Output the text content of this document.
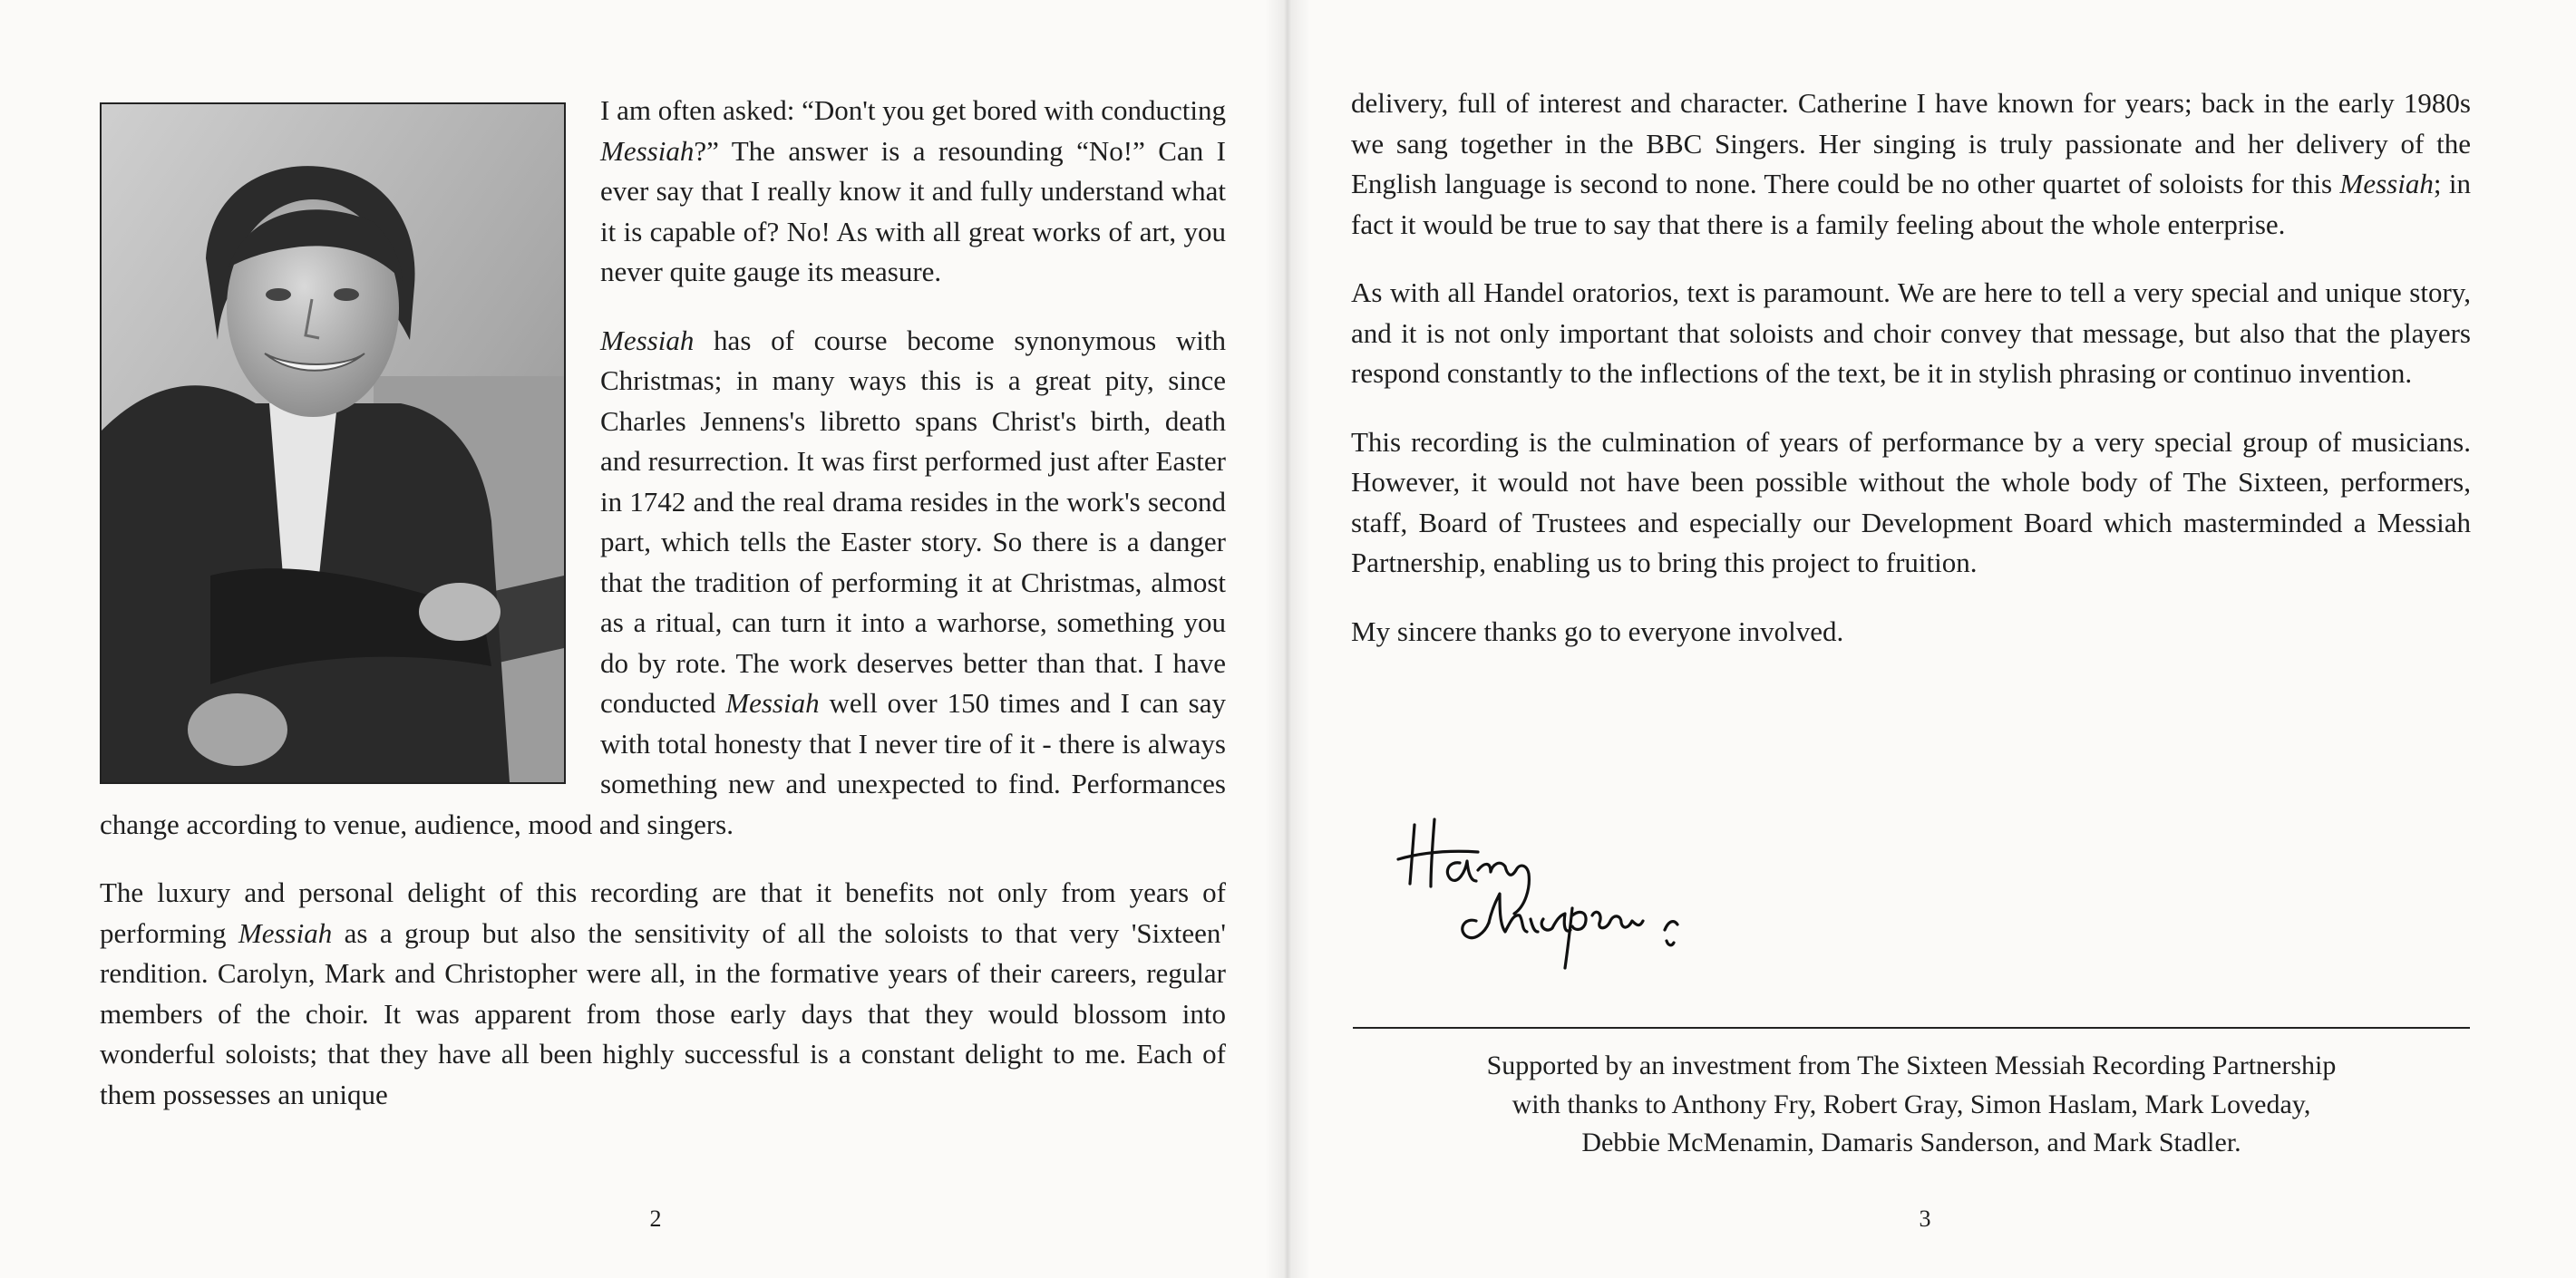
I am often asked: “Don't you get bored with conducting Messiah?” The answer is a resounding “No!” Can I ever say that I really know it and fully understand what it is capable of? No! As with all great works of art, you never quite gauge its measure.

Messiah has of course become synonymous with Christmas; in many ways this is a great pity, since Charles Jennens's libretto spans Christ's birth, death and resurrection. It was first performed just after Easter in 1742 and the real drama resides in the work's second part, which tells the Easter story. So there is a danger that the tradition of performing it at Christmas, almost as a ritual, can turn it into a warhorse, something you do by rote. The work deserves better than that. I have conducted Messiah well over 150 times and I can say with total honesty that I never tire of it - there is always something new and unexpected to find. Performances change according to venue, audience, mood and singers.

The luxury and personal delight of this recording are that it benefits not only from years of performing Messiah as a group but also the sensitivity of all the soloists to that very 'Sixteen' rendition. Carolyn, Mark and Christopher were all, in the formative years of their careers, regular members of the choir. It was apparent from those early days that they would blossom into wonderful soloists; that they have all been highly successful is a constant delight to me. Each of them possesses an unique

2

delivery, full of interest and character. Catherine I have known for years; back in the early 1980s we sang together in the BBC Singers. Her singing is truly passionate and her delivery of the English language is second to none. There could be no other quartet of soloists for this Messiah; in fact it would be true to say that there is a family feeling about the whole enterprise.

As with all Handel oratorios, text is paramount. We are here to tell a very special and unique story, and it is not only important that soloists and choir convey that message, but also that the players respond constantly to the inflections of the text, be it in stylish phrasing or continuo invention.

This recording is the culmination of years of performance by a very special group of musicians. However, it would not have been possible without the whole body of The Sixteen, performers, staff, Board of Trustees and especially our Development Board which masterminded a Messiah Partnership, enabling us to bring this project to fruition.

My sincere thanks go to everyone involved.

Supported by an investment from The Sixteen Messiah Recording Partnership
with thanks to Anthony Fry, Robert Gray, Simon Haslam, Mark Loveday,
Debbie McMenamin, Damaris Sanderson, and Mark Stadler.
3
